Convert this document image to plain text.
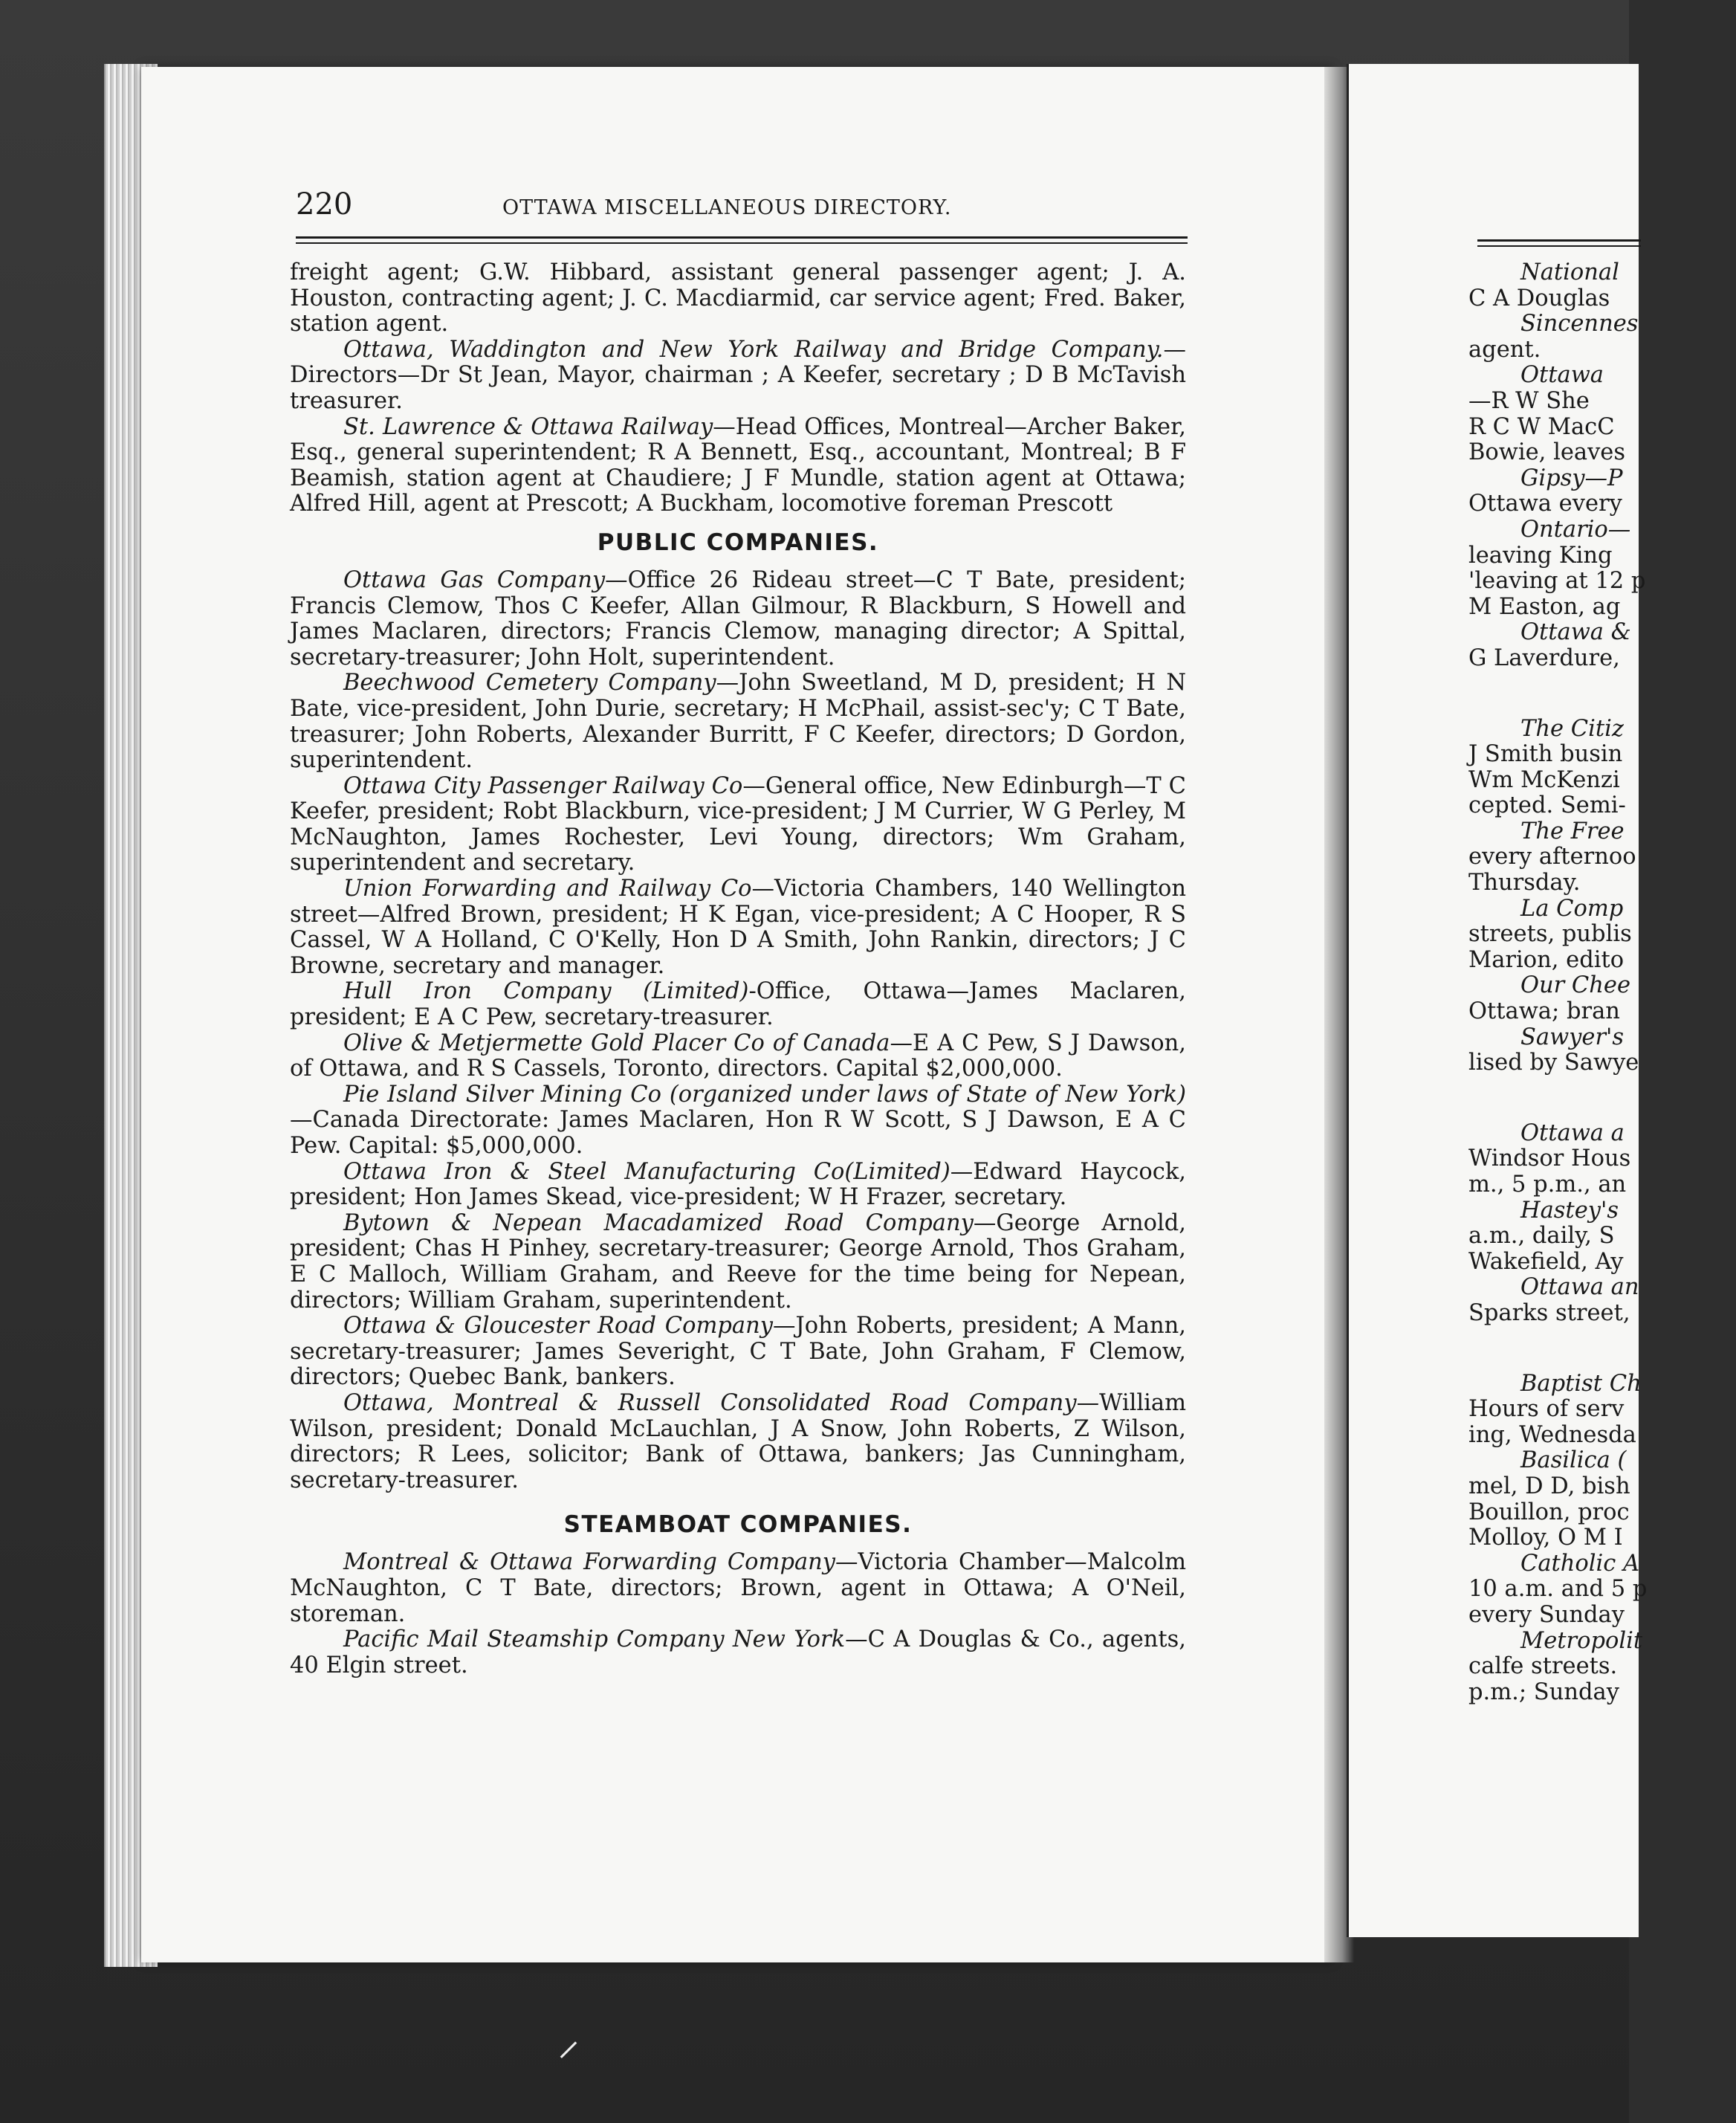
220	OTTAWA MISCELLANEOUS DIRECTORY.

freight agent; G.W. Hibbard, assistant general passenger agent; J. A. Houston, contracting agent; J. C. Macdiarmid, car service agent; Fred. Baker, station agent.

Ottawa, Waddington and New York Railway and Bridge Company.—Directors—Dr St Jean, Mayor, chairman ; A Keefer, secretary ; D B McTavish treasurer.

St. Lawrence & Ottawa Railway—Head Offices, Montreal—Archer Baker, Esq., general superintendent; R A Bennett, Esq., accountant, Montreal; B F Beamish, station agent at Chaudiere; J F Mundle, station agent at Ottawa; Alfred Hill, agent at Prescott; A Buckham, locomotive foreman Prescott

PUBLIC COMPANIES.

Ottawa Gas Company—Office 26 Rideau street—C T Bate, president; Francis Clemow, Thos C Keefer, Allan Gilmour, R Blackburn, S Howell and James Maclaren, directors; Francis Clemow, managing director; A Spittal, secretary-treasurer; John Holt, superintendent.

Beechwood Cemetery Company—John Sweetland, M D, president; H N Bate, vice-president, John Durie, secretary; H McPhail, assist-sec'y; C T Bate, treasurer; John Roberts, Alexander Burritt, F C Keefer, directors; D Gordon, superintendent.

Ottawa City Passenger Railway Co—General office, New Edinburgh—T C Keefer, president; Robt Blackburn, vice-president; J M Currier, W G Perley, M McNaughton, James Rochester, Levi Young, directors; Wm Graham, superintendent and secretary.

Union Forwarding and Railway Co—Victoria Chambers, 140 Wellington street—Alfred Brown, president; H K Egan, vice-president; A C Hooper, R S Cassel, W A Holland, C O'Kelly, Hon D A Smith, John Rankin, directors; J C Browne, secretary and manager.

Hull Iron Company (Limited)-Office, Ottawa—James Maclaren, president; E A C Pew, secretary-treasurer.

Olive & Metjermette Gold Placer Co of Canada—E A C Pew, S J Dawson, of Ottawa, and R S Cassels, Toronto, directors. Capital $2,000,000.

Pie Island Silver Mining Co (organized under laws of State of New York)—Canada Directorate: James Maclaren, Hon R W Scott, S J Dawson, E A C Pew. Capital: $5,000,000.

Ottawa Iron & Steel Manufacturing Co(Limited)—Edward Haycock, president; Hon James Skead, vice-president; W H Frazer, secretary.

Bytown & Nepean Macadamized Road Company—George Arnold, president; Chas H Pinhey, secretary-treasurer; George Arnold, Thos Graham, E C Malloch, William Graham, and Reeve for the time being for Nepean, directors; William Graham, superintendent.

Ottawa & Gloucester Road Company—John Roberts, president; A Mann, secretary-treasurer; James Severight, C T Bate, John Graham, F Clemow, directors; Quebec Bank, bankers.

Ottawa, Montreal & Russell Consolidated Road Company—William Wilson, president; Donald McLauchlan, J A Snow, John Roberts, Z Wilson, directors; R Lees, solicitor; Bank of Ottawa, bankers; Jas Cunningham, secretary-treasurer.

STEAMBOAT COMPANIES.

Montreal & Ottawa Forwarding Company—Victoria Chamber—Malcolm McNaughton, C T Bate, directors; Brown, agent in Ottawa; A O'Neil, storeman.

Pacific Mail Steamship Company New York—C A Douglas & Co., agents, 40 Elgin street.

National
C A Douglas
Sincennes
agent.
Ottawa
—R W She
R C W MacC
Bowie, leaves
Gipsy—P
Ottawa every
Ontario—
leaving King
'leaving at 12 p
M Easton, ag
Ottawa &
G Laverdure,
The Citiz
J Smith busin
Wm McKenzi
cepted. Semi-
The Free
every afternoo
Thursday.
La Comp
streets, publis
Marion, edito
Our Chee
Ottawa; bran
Sawyer's
lised by Sawye
Ottawa a
Windsor Hous
m., 5 p.m., an
Hastey's
a.m., daily, S
Wakefield, Ay
Ottawa an
Sparks street,
Baptist Ch
Hours of serv
ing, Wednesda
Basilica (
mel, D D, bish
Bouillon, proc
Molloy, O M I
Catholic A
10 a.m. and 5 p
every Sunday
Metropolit
calfe streets.
p.m.; Sunday
⸝
